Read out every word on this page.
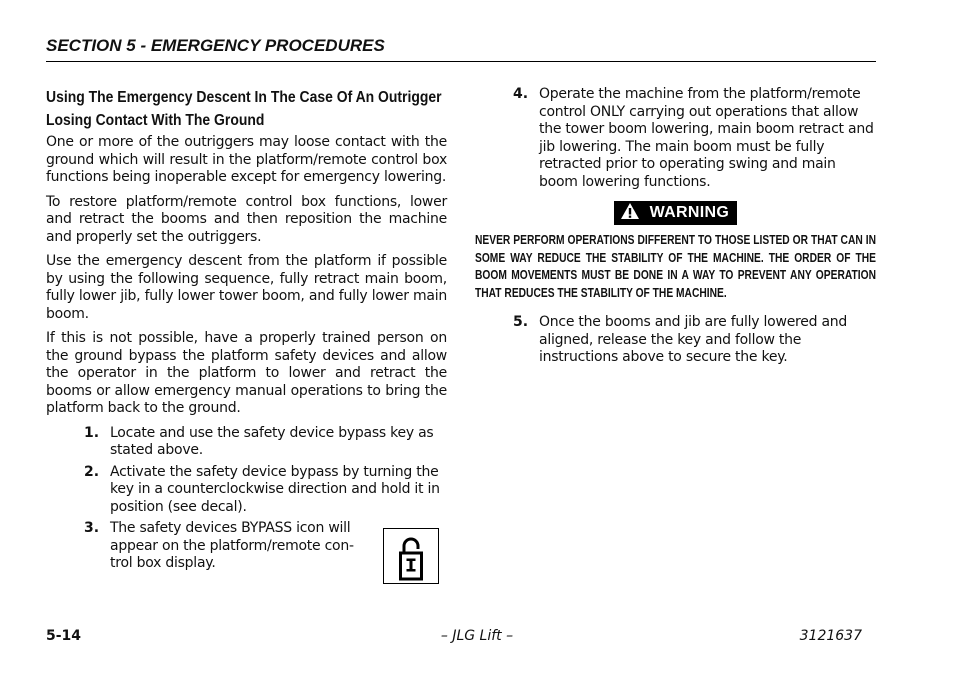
SECTION 5 - EMERGENCY PROCEDURES
Using The Emergency Descent In The Case Of An Outrigger Losing Contact With The Ground

One or more of the outriggers may loose contact with the ground which will result in the platform/remote control box functions being inoperable except for emergency lowering.

To restore platform/remote control box functions, lower and retract the booms and then reposition the machine and properly set the outriggers.

Use the emergency descent from the platform if possible by using the following sequence, fully retract main boom, fully lower jib, fully lower tower boom, and fully lower main boom.

If this is not possible, have a properly trained person on the ground bypass the platform safety devices and allow the operator in the platform to lower and retract the booms or allow emergency manual operations to bring the platform back to the ground.

1. Locate and use the safety device bypass key as stated above.
2. Activate the safety device bypass by turning the key in a counterclockwise direction and hold it in position (see decal).
3. The safety devices BYPASS icon will appear on the platform/remote con-trol box display.
4. Operate the machine from the platform/remote control ONLY carrying out operations that allow the tower boom lowering, main boom retract and jib lowering. The main boom must be fully retracted prior to operating swing and main boom lowering functions.
WARNING
NEVER PERFORM OPERATIONS DIFFERENT TO THOSE LISTED OR THAT CAN IN SOME WAY REDUCE THE STABILITY OF THE MACHINE. THE ORDER OF THE BOOM MOVEMENTS MUST BE DONE IN A WAY TO PREVENT ANY OPERATION THAT REDUCES THE STABILITY OF THE MACHINE.
5. Once the booms and jib are fully lowered and aligned, release the key and follow the instructions above to secure the key.
5-14	– JLG Lift –	3121637
